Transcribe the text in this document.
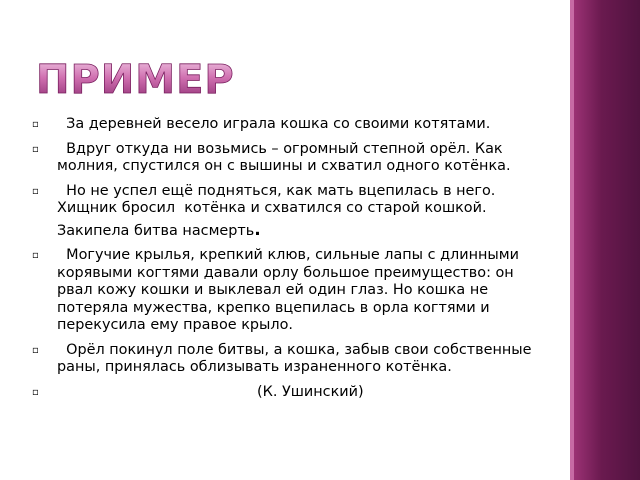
ПРИМЕР
▫ За деревней весело играла кошка со своими котятами.
▫ Вдруг откуда ни возьмись – огромный степной орёл. Как молния, спустился он с вышины и схватил одного котёнка.
▫ Но не успел ещё подняться, как мать вцепилась в него. Хищник бросил  котёнка и схватился со старой кошкой.
Закипела битва насмерть.
▫ Могучие крылья, крепкий клюв, сильные лапы с длинными корявыми когтями давали орлу большое преимущество: он рвал кожу кошки и выклевал ей один глаз. Но кошка не потеряла мужества, крепко вцепилась в орла когтями и перекусила ему правое крыло.
▫ Орёл покинул поле битвы, а кошка, забыв свои собственные раны, принялась облизывать израненного котёнка.
▫	(К. Ушинский)
